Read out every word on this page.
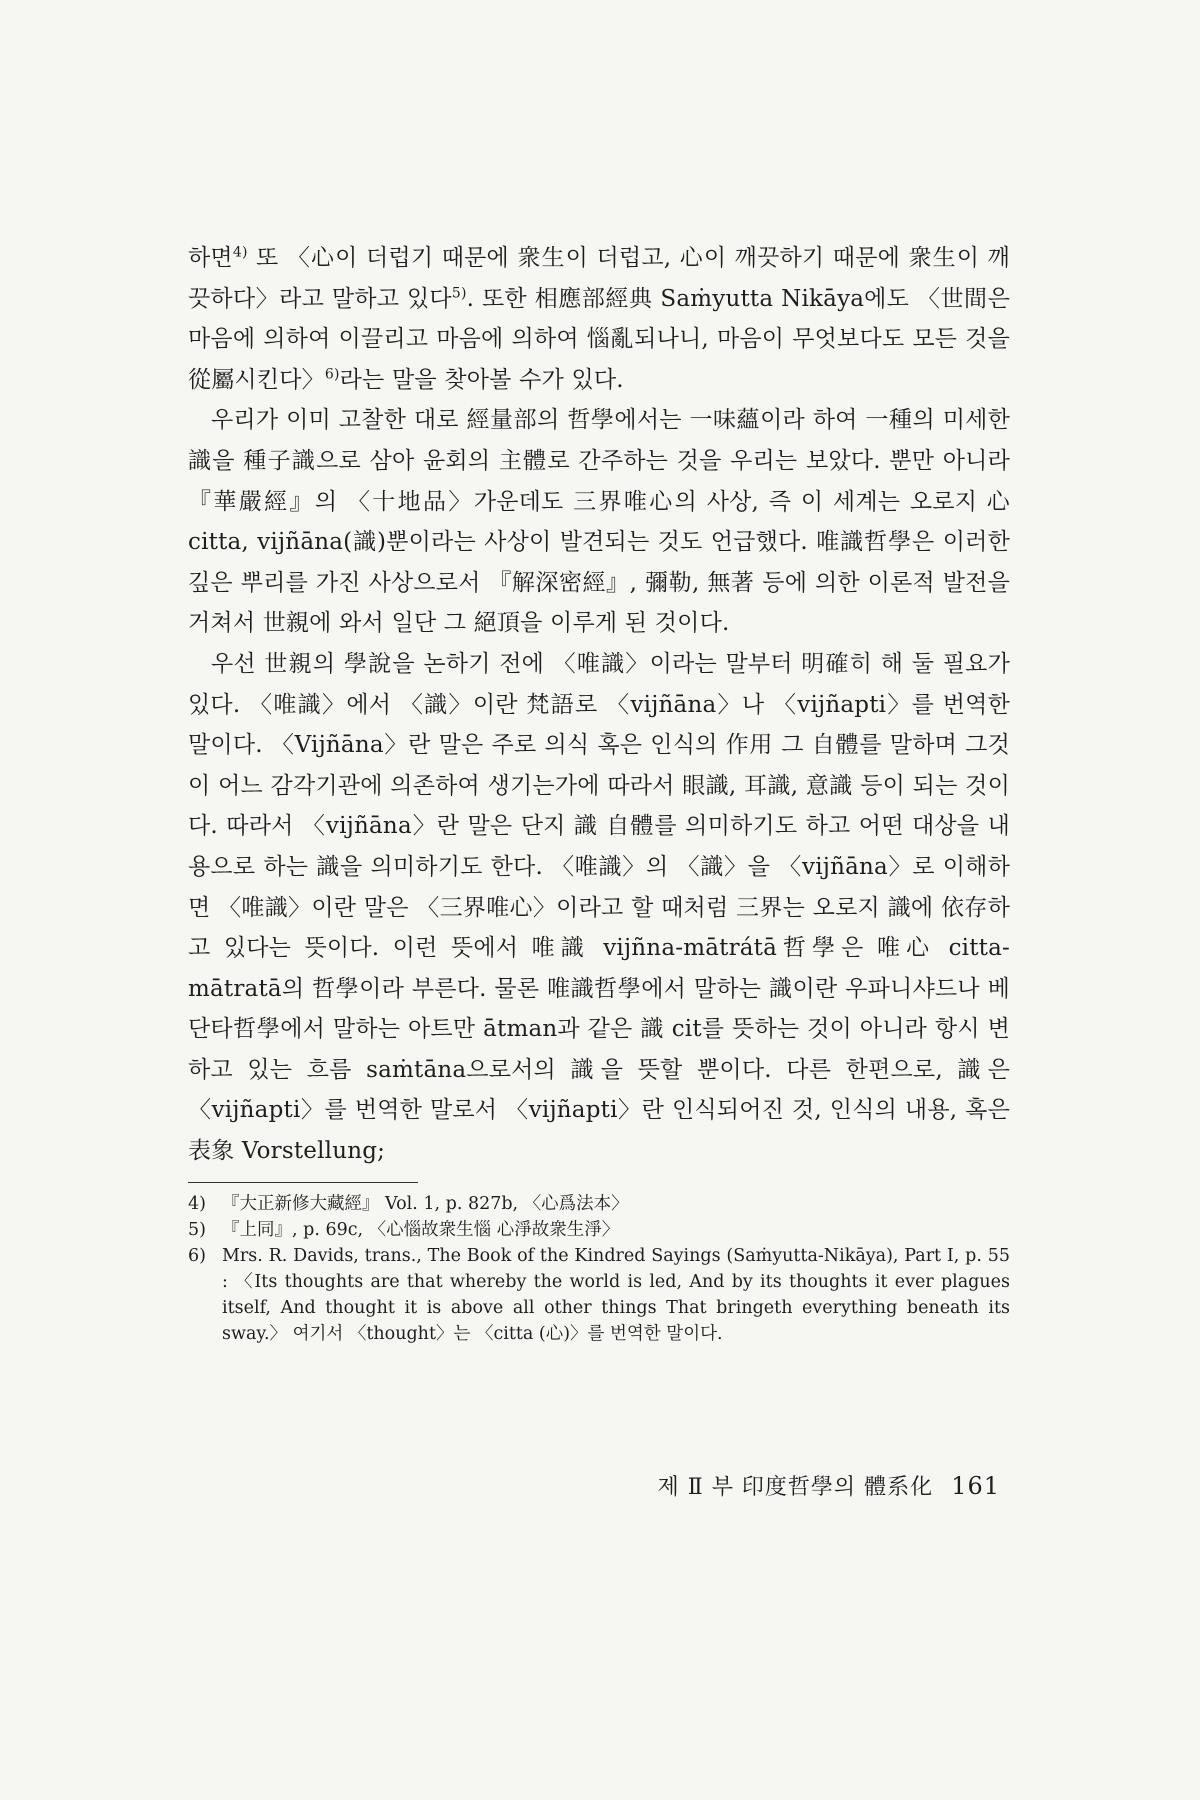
하면$^{4)}$ 또 〈心이 더럽기 때문에 衆生이 더럽고, 心이 깨끗하기 때문에 衆生이 깨끗하다〉라고 말하고 있다$^{5)}$. 또한 相應部經典 Saṁyutta Nikāya에도 〈世間은 마음에 의하여 이끌리고 마음에 의하여 惱亂되나니, 마음이 무엇보다도 모든 것을 從屬시킨다〉$^{6)}$라는 말을 찾아볼 수가 있다.

우리가 이미 고찰한 대로 經量部의 哲學에서는 一味蘊이라 하여 一種의 미세한 識을 種子識으로 삼아 윤회의 主體로 간주하는 것을 우리는 보았다. 뿐만 아니라 『華嚴經』의 〈十地品〉가운데도 三界唯心의 사상, 즉 이 세계는 오로지 心 citta, vijñāna(識)뿐이라는 사상이 발견되는 것도 언급했다. 唯識哲學은 이러한 깊은 뿌리를 가진 사상으로서 『解深密經』, 彌勒, 無著 등에 의한 이론적 발전을 거쳐서 世親에 와서 일단 그 絕頂을 이루게 된 것이다.

우선 世親의 學說을 논하기 전에 〈唯識〉이라는 말부터 明確히 해 둘 필요가 있다. 〈唯識〉에서 〈識〉이란 梵語로 〈vijñāna〉나 〈vijñapti〉를 번역한 말이다. 〈Vijñāna〉란 말은 주로 의식 혹은 인식의 作用 그 自體를 말하며 그것이 어느 감각기관에 의존하여 생기는가에 따라서 眼識, 耳識, 意識 등이 되는 것이다. 따라서 〈vijñāna〉란 말은 단지 識 自體를 의미하기도 하고 어떤 대상을 내용으로 하는 識을 의미하기도 한다. 〈唯識〉의 〈識〉을 〈vijñāna〉로 이해하면 〈唯識〉이란 말은 〈三界唯心〉이라고 할 때처럼 三界는 오로지 識에 依存하고 있다는 뜻이다. 이런 뜻에서 唯識 vijñna-mātrátā哲學은 唯心 citta-mātratā의 哲學이라 부른다. 물론 唯識哲學에서 말하는 識이란 우파니샤드나 베단타哲學에서 말하는 아트만 ātman과 같은 識 cit를 뜻하는 것이 아니라 항시 변하고 있는 흐름 saṁtāna으로서의 識을 뜻할 뿐이다. 다른 한편으로, 識은 〈vijñapti〉를 번역한 말로서 〈vijñapti〉란 인식되어진 것, 인식의 내용, 혹은 表象 Vorstellung;

4) 『大正新修大藏經』 Vol. 1, p. 827b, 〈心爲法本〉
5) 『上同』, p. 69c, 〈心惱故衆生惱 心淨故衆生淨〉
6) Mrs. R. Davids, trans., The Book of the Kindred Sayings (Saṁyutta-Nikāya), Part I, p. 55 : 〈Its thoughts are that whereby the world is led, And by its thoughts it ever plagues itself, And thought it is above all other things That bringeth everything beneath its sway.〉 여기서 〈thought〉는 〈citta (心)〉를 번역한 말이다.
제 Ⅱ 부 印度哲學의 體系化 161
